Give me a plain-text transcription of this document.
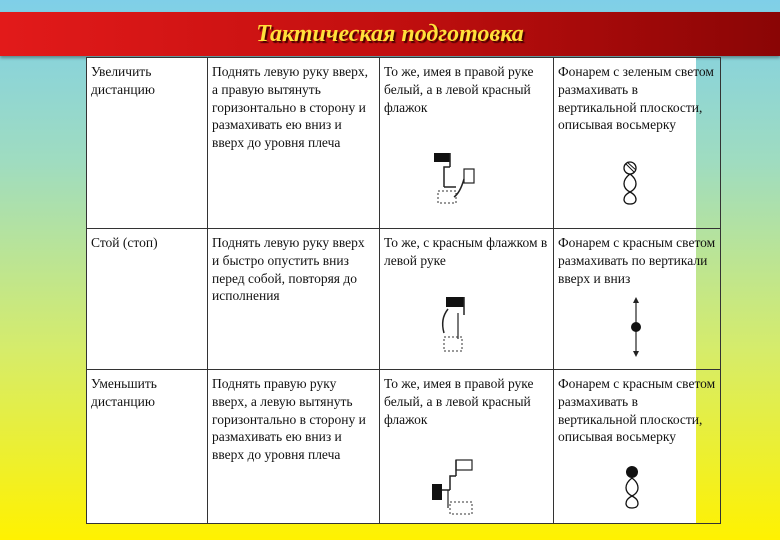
Тактическая подготовка
Увеличить дистанцию	Поднять левую руку вверх, а правую вытянуть горизонтально в сторону и размахивать ею вниз и вверх до уровня плеча	То же, имея в правой руке белый, а в левой красный флажок	Фонарем с зеленым светом размахивать в вертикальной плоскости, описывая восьмерку

Стой (стоп)	Поднять левую руку вверх и быстро опустить вниз перед собой, повторяя до исполнения	То же, с красным флажком в левой руке	Фонарем с красным светом размахивать по вертикали вверх и вниз

Уменьшить дистанцию	Поднять правую руку вверх, а левую вытянуть горизонтально в сторону и размахивать ею вниз и вверх до уровня плеча	То же, имея в правой руке белый, а в левой красный флажок	Фонарем с красным светом размахивать в вертикальной плоскости, описывая восьмерку
